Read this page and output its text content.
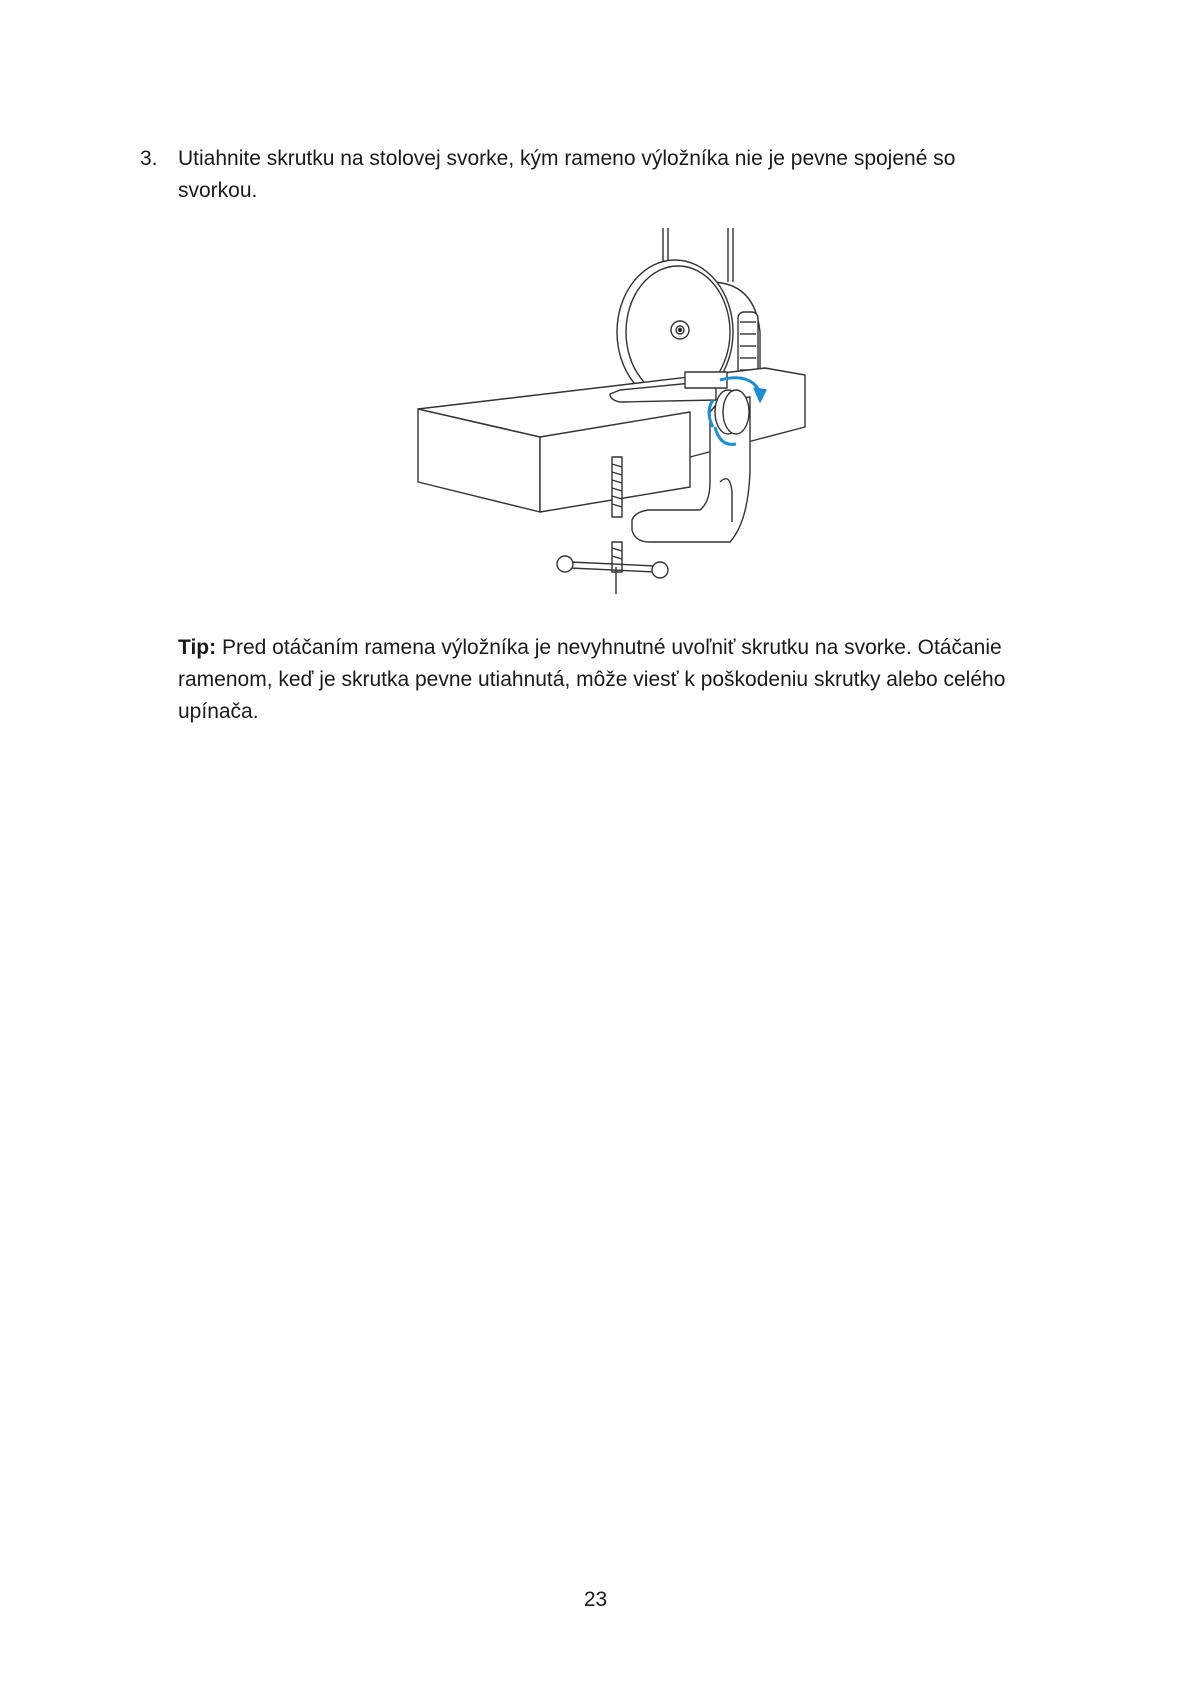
3. Utiahnite skrutku na stolovej svorke, kým rameno výložníka nie je pevne spojené so svorkou.
Tip: Pred otáčaním ramena výložníka je nevyhnutné uvoľniť skrutku na svorke. Otáčanie ramenom, keď je skrutka pevne utiahnutá, môže viesť k poškodeniu skrutky alebo celého upínača.
23
